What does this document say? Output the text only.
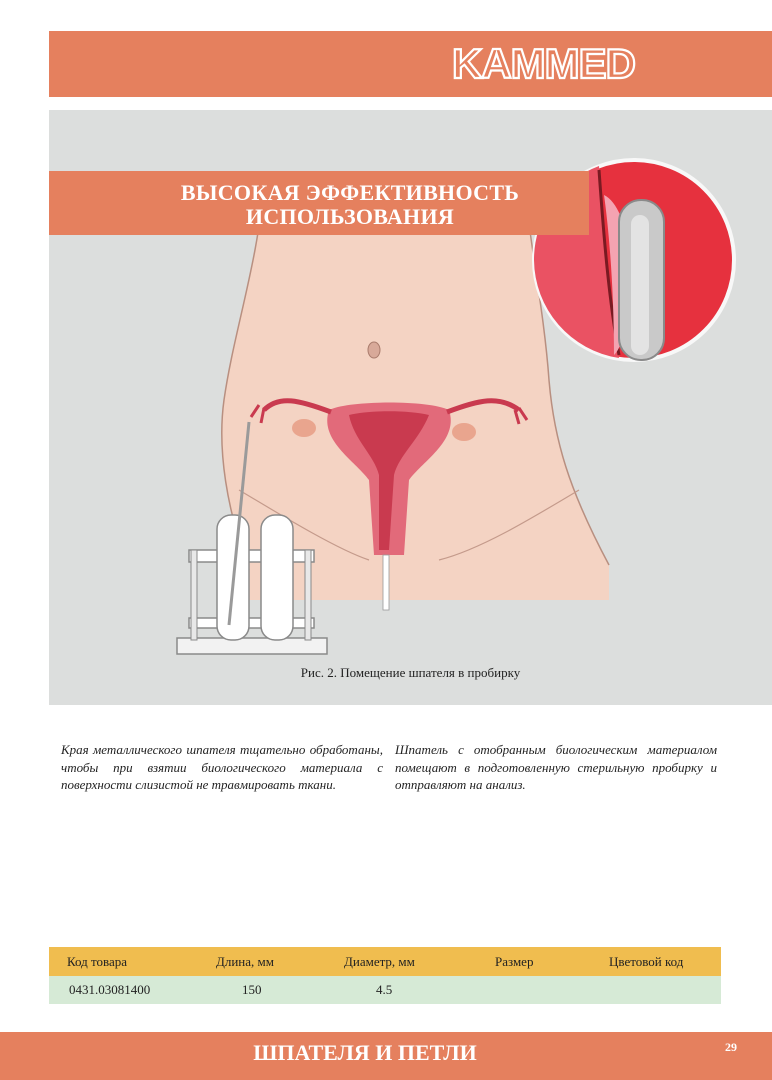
KAMMED
ВЫСОКАЯ ЭФФЕКТИВНОСТЬ
ИСПОЛЬЗОВАНИЯ
Рис. 2. Помещение шпателя в пробирку
Края металлического шпателя тщательно обработаны, чтобы при взятии биологического материала с поверхности слизистой не травмировать ткани.
Шпатель с отобранным биологическим материалом помещают в подготовленную стерильную пробирку и отправляют на анализ.
Код товара	Длина, мм	Диаметр, мм	Размер	Цветовой код
0431.03081400	150	4.5
ШПАТЕЛЯ И ПЕТЛИ	29
